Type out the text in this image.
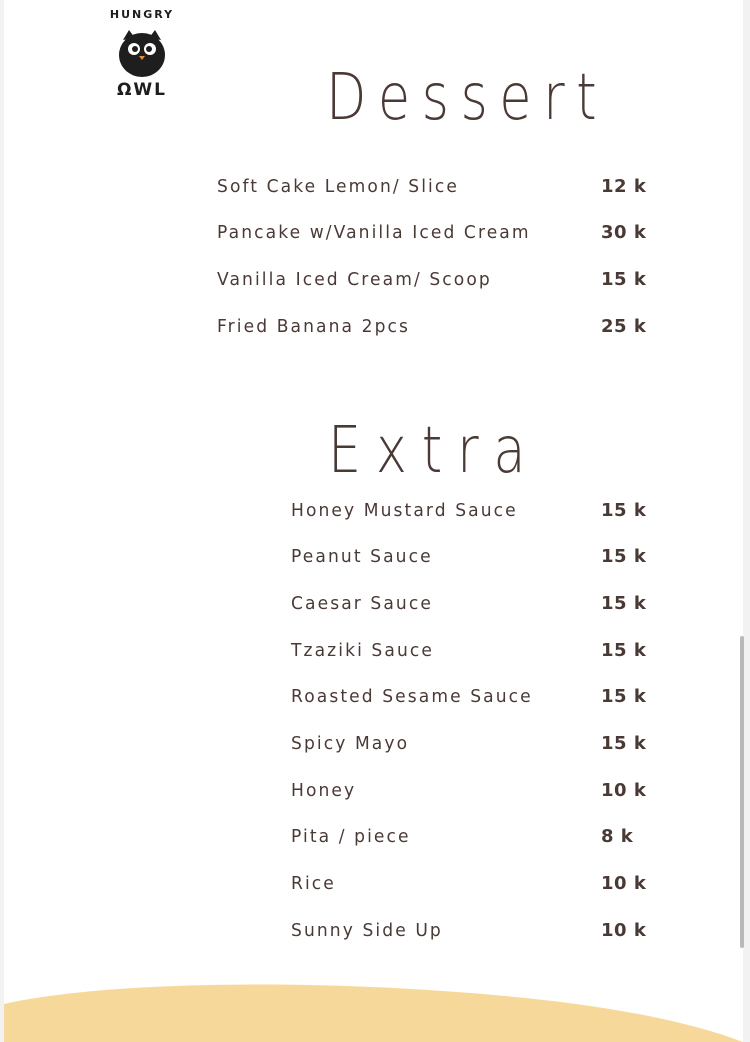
HUNGRY
ΩWL Dessert
Soft Cake Lemon/ Slice	12 k
Pancake w/Vanilla Iced Cream	30 k
Vanilla Iced Cream/ Scoop	15 k
Fried Banana 2pcs	25 k
Extra
Honey Mustard Sauce	15 k
Peanut Sauce	15 k
Caesar Sauce	15 k
Tzaziki Sauce	15 k
Roasted Sesame Sauce	15 k
Spicy Mayo	15 k
Honey	10 k
Pita / piece	8 k
Rice	10 k
Sunny Side Up	10 k
